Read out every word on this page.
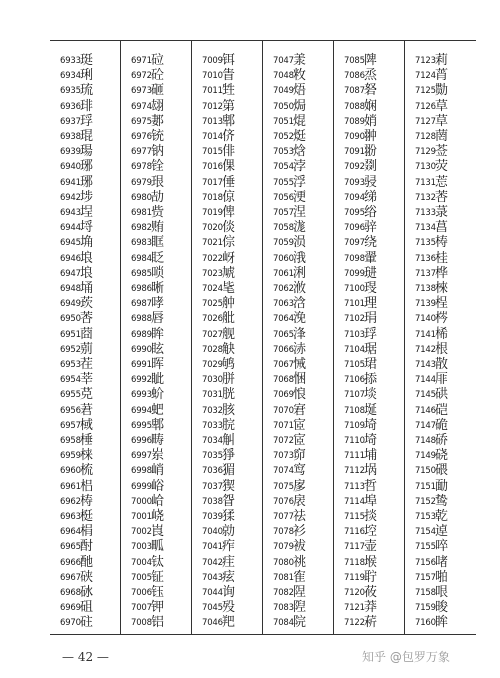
6933 珽
6934 琍
6935 琉
6936 琲
6937 琈
6938 琨
6939 瑒
6940 琊
6941 琊
6942 埗
6943 埕
6944 埒
6945 埆
6946 埌
6947 埌
6948 埇
6949 莰
6950 莕
6951 莔
6952 莂
6953 茬
6954 莘
6955 莌
6956 莙
6957 棫
6958 棰
6959 梾
6960 梳
6961 梠
6962 梼
6963 梃
6964 梋
6965 酎
6966 酏
6967 硖
6968 砅
6969 砠
6970 砫
6971 砬
6972 砼
6973 砸
6974 翃
6975 郪
6976 铳
6977 钠
6978 铨
6979 珢
6980 劼
6981 赀
6982 贿
6983 眶
6984 眨
6985 唢
6986 晰
6987 哮
6988 唇
6989 眸
6990 眩
6991 晖
6992 眦
6993 蚧
6994 蚆
6995 郫
6996 畴
6997 岽
6998 峭
6999 峪
7000 峆
7001 峣
7002 崀
7003 畖
7004 钛
7005 钲
7006 钰
7007 钾
7008 铝
7009 铒
7010 眚
7011 甡
7012 第
7013 郫
7014 侪
7015 俳
7016 倮
7017 倕
7018 倞
7019 俾
7020 倓
7021 倧
7022 岈
7023 虓
7024 毞
7025 舯
7026 舭
7027 舰
7028 觖
7029 鸲
7030 胼
7031 胱
7032 胲
7033 脘
7034 觓
7035 猙
7036 猸
7037 猰
7038 眢
7039 猱
7040 勍
7041 痄
7042 疰
7043 痃
7044 询
7045 殁
7046 羓
7047 羕
7048 敉
7049 焐
7050 焗
7051 焜
7052 烶
7053 焓
7054 浡
7055 浮
7056 浭
7057 涅
7058 浝
7059 涢
7060 涐
7061 浰
7062 浟
7063 浛
7064 浼
7065 浲
7066 浾
7067 悈
7068 悃
7069 悢
7070 宭
7071 宧
7072 宧
7073 窌
7074 窎
7075 扅
7076 扆
7077 祛
7078 衫
7079 袚
7080 祧
7081 隺
7082 陧
7083 隉
7084 院
7085 陴
7086 烝
7087 砮
7088 娴
7089 娋
7090 翀
7091 翂
7092 剟
7093 骎
7094 绨
7095 绤
7096 骍
7097 绕
7098 翬
7099 琎
7100 琝
7101 理
7102 琄
7103 琈
7104 琚
7105 珺
7106 掭
7107 埮
7108 埏
7109 埼
7110 埼
7111 埔
7112 埚
7113 哲
7114 埠
7115 掞
7116 埪
7117 壶
7118 堠
7119 聍
7120 莜
7121 莽
7122 菥
7123 莉
7124 莦
7125 勚
7126 草
7127 草
7128 菵
7129 莶
7130 荧
7131 莣
7132 莕
7133 菉
7134 菖
7135 梼
7136 桂
7137 桦
7138 棶
7139 桯
7140 梣
7141 桸
7142 根
7143 散
7144 厞
7145 硔
7146 硙
7147 硊
7148 硚
7149 硗
7150 碨
7151 勔
7152 鸷
7153 乾
7154 逴
7155 啐
7156 啫
7157 啪
7158 哏
7159 晙
7160 眸
— 42 —	知乎 @包罗万象
